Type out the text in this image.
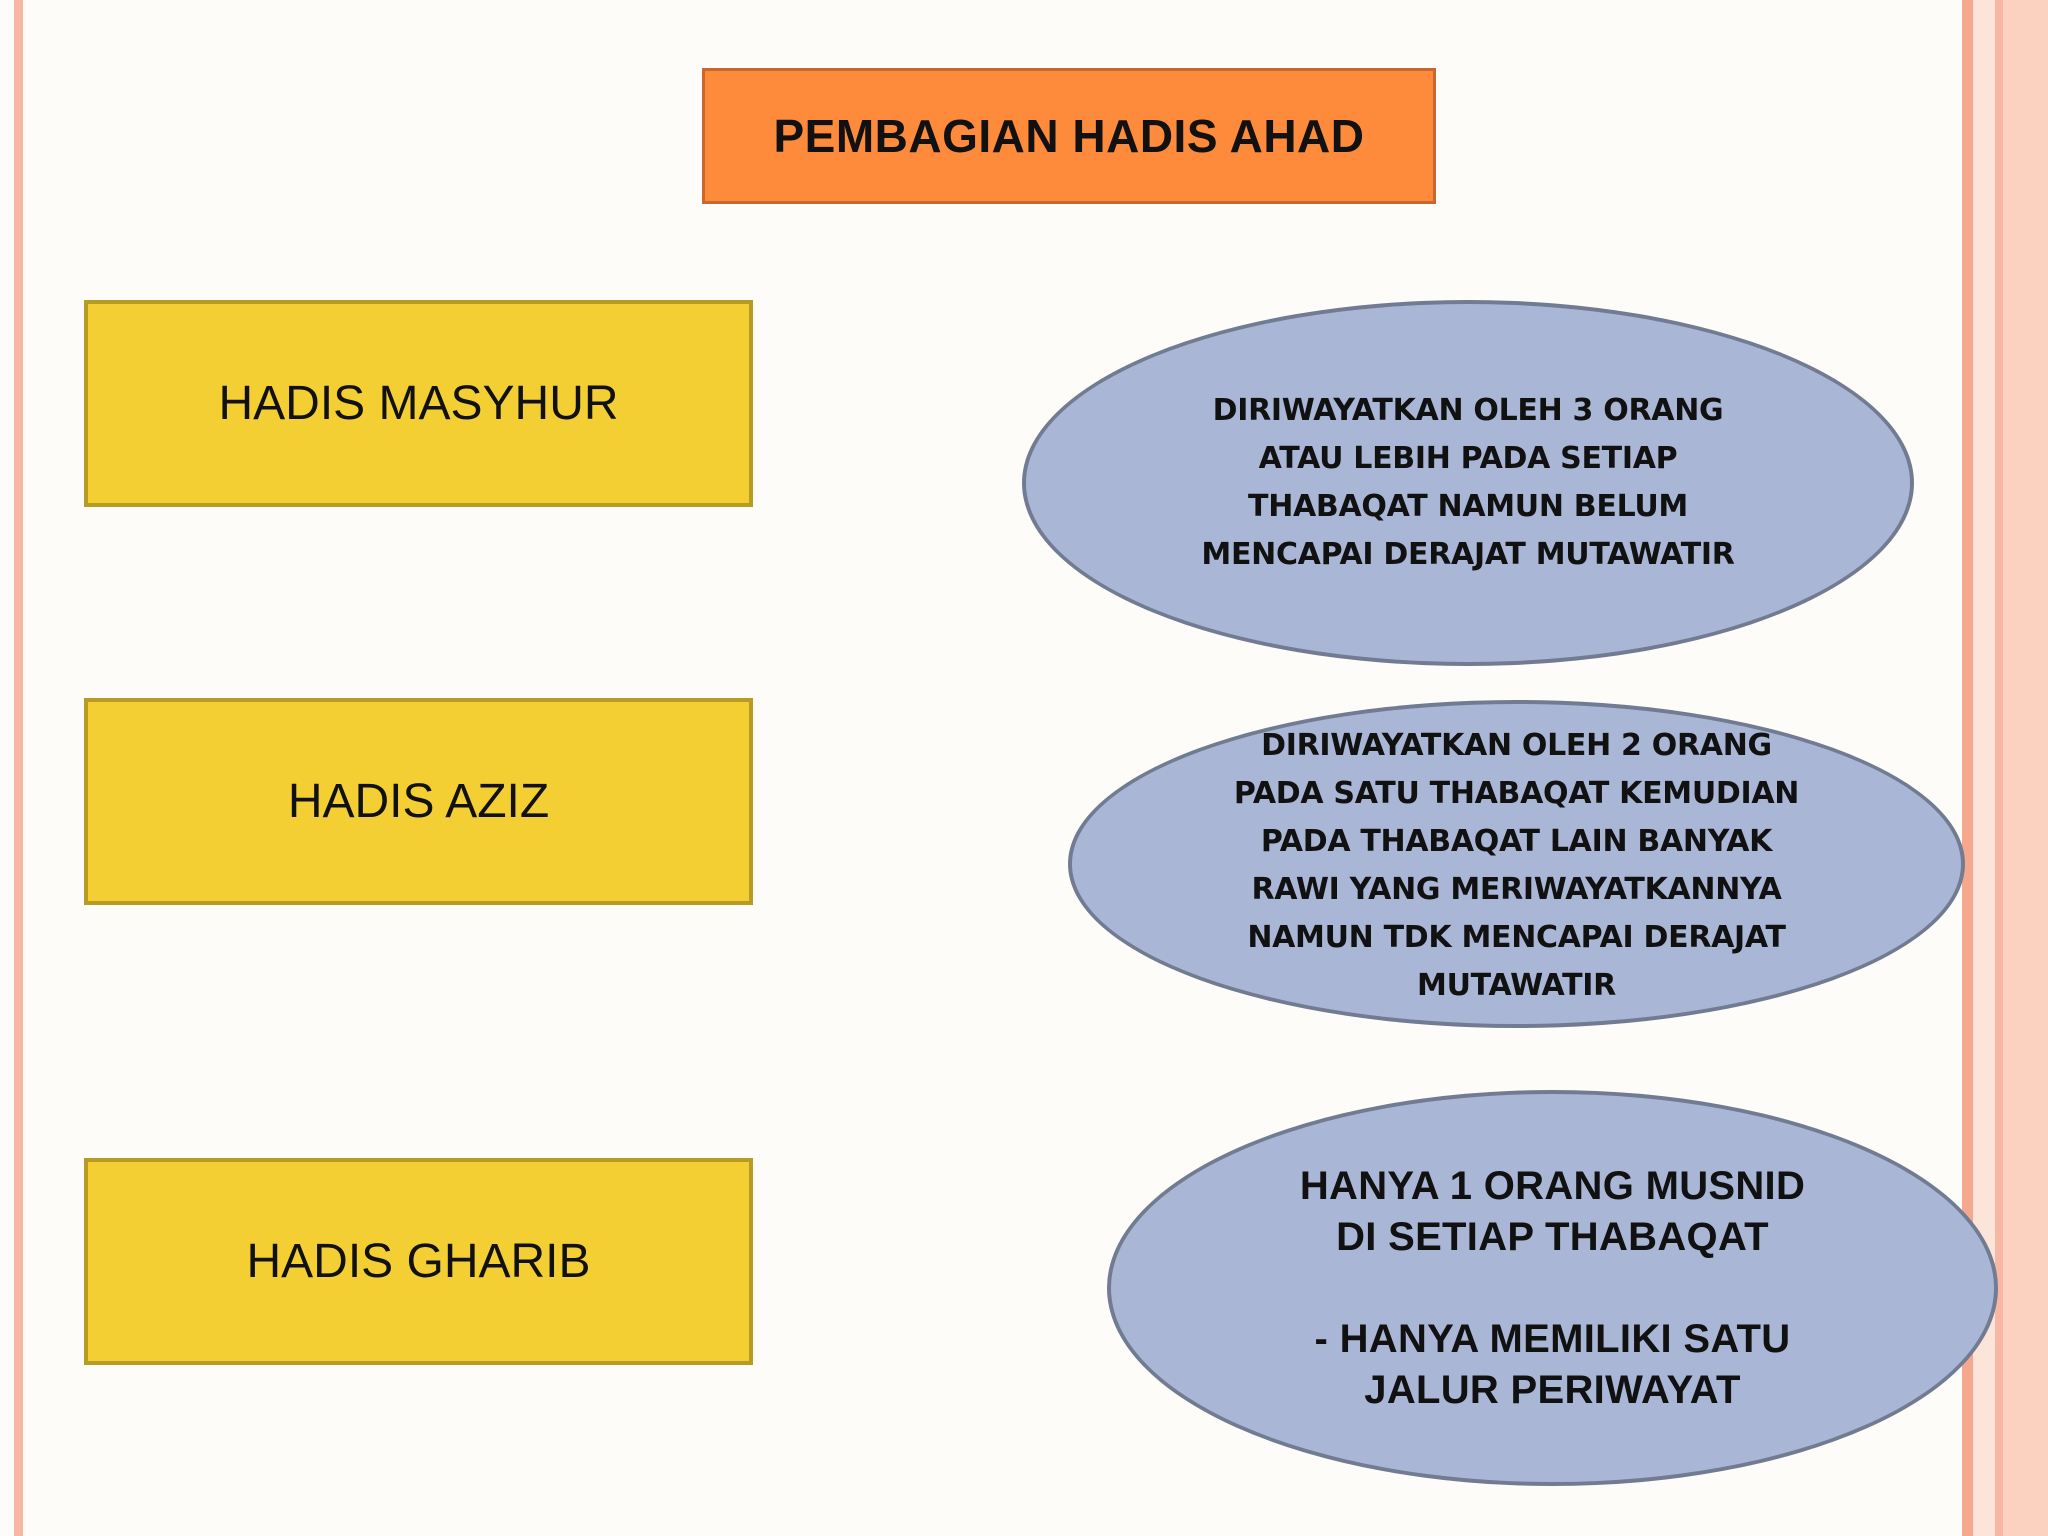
PEMBAGIAN HADIS AHAD
HADIS MASYHUR
HADIS AZIZ
HADIS GHARIB
DIRIWAYATKAN OLEH 3 ORANG
ATAU LEBIH PADA SETIAP
THABAQAT NAMUN BELUM
MENCAPAI DERAJAT MUTAWATIR
DIRIWAYATKAN OLEH 2 ORANG
PADA SATU THABAQAT KEMUDIAN
PADA THABAQAT LAIN BANYAK
RAWI YANG MERIWAYATKANNYA
NAMUN TDK MENCAPAI DERAJAT
MUTAWATIR
HANYA 1 ORANG MUSNID
DI SETIAP THABAQAT

- HANYA MEMILIKI SATU
JALUR PERIWAYAT
